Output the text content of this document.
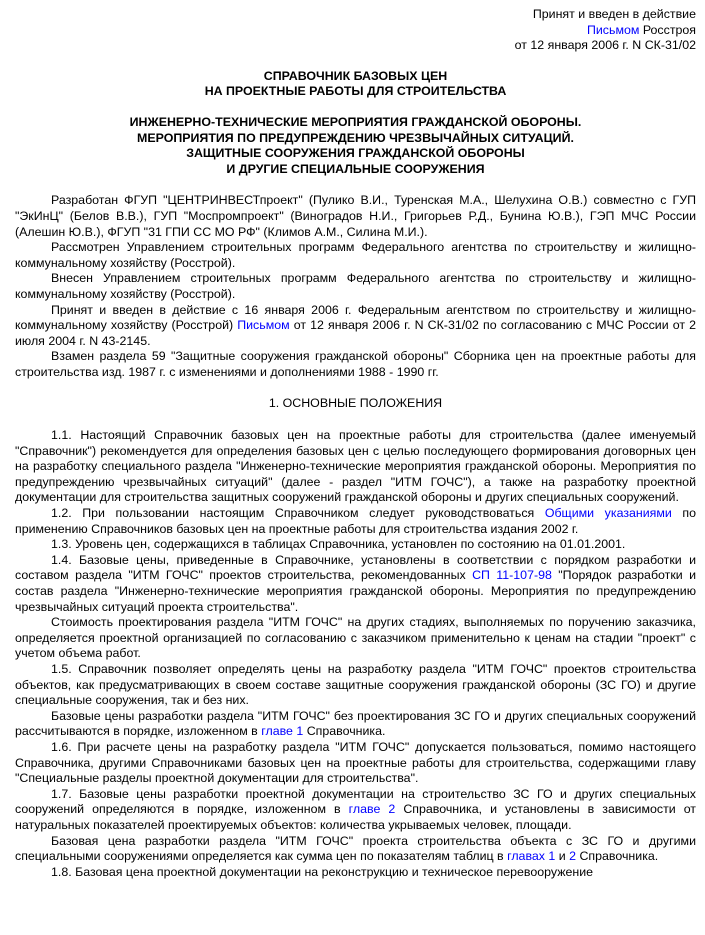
Принят и введен в действие
Письмом Росстроя
от 12 января 2006 г. N СК-31/02
СПРАВОЧНИК БАЗОВЫХ ЦЕН
НА ПРОЕКТНЫЕ РАБОТЫ ДЛЯ СТРОИТЕЛЬСТВА
ИНЖЕНЕРНО-ТЕХНИЧЕСКИЕ МЕРОПРИЯТИЯ ГРАЖДАНСКОЙ ОБОРОНЫ.
МЕРОПРИЯТИЯ ПО ПРЕДУПРЕЖДЕНИЮ ЧРЕЗВЫЧАЙНЫХ СИТУАЦИЙ.
ЗАЩИТНЫЕ СООРУЖЕНИЯ ГРАЖДАНСКОЙ ОБОРОНЫ
И ДРУГИЕ СПЕЦИАЛЬНЫЕ СООРУЖЕНИЯ

Разработан ФГУП "ЦЕНТРИНВЕСТпроект" (Пулико В.И., Туренская М.А., Шелухина О.В.) совместно с ГУП "ЭкИнЦ" (Белов В.В.), ГУП "Моспромпроект" (Виноградов Н.И., Григорьев Р.Д., Бунина Ю.В.), ГЭП МЧС России (Алешин Ю.В.), ФГУП "31 ГПИ СС МО РФ" (Климов А.М., Силина М.И.).

Рассмотрен Управлением строительных программ Федерального агентства по строительству и жилищно-коммунальному хозяйству (Росстрой).

Внесен Управлением строительных программ Федерального агентства по строительству и жилищно-коммунальному хозяйству (Росстрой).

Принят и введен в действие с 16 января 2006 г. Федеральным агентством по строительству и жилищно-коммунальному хозяйству (Росстрой) Письмом от 12 января 2006 г. N СК-31/02 по согласованию с МЧС России от 2 июля 2004 г. N 43-2145.

Взамен раздела 59 "Защитные сооружения гражданской обороны" Сборника цен на проектные работы для строительства изд. 1987 г. с изменениями и дополнениями 1988 - 1990 гг.

1. ОСНОВНЫЕ ПОЛОЖЕНИЯ

1.1. Настоящий Справочник базовых цен на проектные работы для строительства (далее именуемый "Справочник") рекомендуется для определения базовых цен с целью последующего формирования договорных цен на разработку специального раздела "Инженерно-технические мероприятия гражданской обороны. Мероприятия по предупреждению чрезвычайных ситуаций" (далее - раздел "ИТМ ГОЧС"), а также на разработку проектной документации для строительства защитных сооружений гражданской обороны и других специальных сооружений.

1.2. При пользовании настоящим Справочником следует руководствоваться Общими указаниями по применению Справочников базовых цен на проектные работы для строительства издания 2002 г.

1.3. Уровень цен, содержащихся в таблицах Справочника, установлен по состоянию на 01.01.2001.

1.4. Базовые цены, приведенные в Справочнике, установлены в соответствии с порядком разработки и составом раздела "ИТМ ГОЧС" проектов строительства, рекомендованных СП 11-107-98 "Порядок разработки и состав раздела "Инженерно-технические мероприятия гражданской обороны. Мероприятия по предупреждению чрезвычайных ситуаций проекта строительства".

Стоимость проектирования раздела "ИТМ ГОЧС" на других стадиях, выполняемых по поручению заказчика, определяется проектной организацией по согласованию с заказчиком применительно к ценам на стадии "проект" с учетом объема работ.

1.5. Справочник позволяет определять цены на разработку раздела "ИТМ ГОЧС" проектов строительства объектов, как предусматривающих в своем составе защитные сооружения гражданской обороны (ЗС ГО) и другие специальные сооружения, так и без них.

Базовые цены разработки раздела "ИТМ ГОЧС" без проектирования ЗС ГО и других специальных сооружений рассчитываются в порядке, изложенном в главе 1 Справочника.

1.6. При расчете цены на разработку раздела "ИТМ ГОЧС" допускается пользоваться, помимо настоящего Справочника, другими Справочниками базовых цен на проектные работы для строительства, содержащими главу "Специальные разделы проектной документации для строительства".

1.7. Базовые цены разработки проектной документации на строительство ЗС ГО и других специальных сооружений определяются в порядке, изложенном в главе 2 Справочника, и установлены в зависимости от натуральных показателей проектируемых объектов: количества укрываемых человек, площади.

Базовая цена разработки раздела "ИТМ ГОЧС" проекта строительства объекта с ЗС ГО и другими специальными сооружениями определяется как сумма цен по показателям таблиц в главах 1 и 2 Справочника.

1.8. Базовая цена проектной документации на реконструкцию и техническое перевооружение
